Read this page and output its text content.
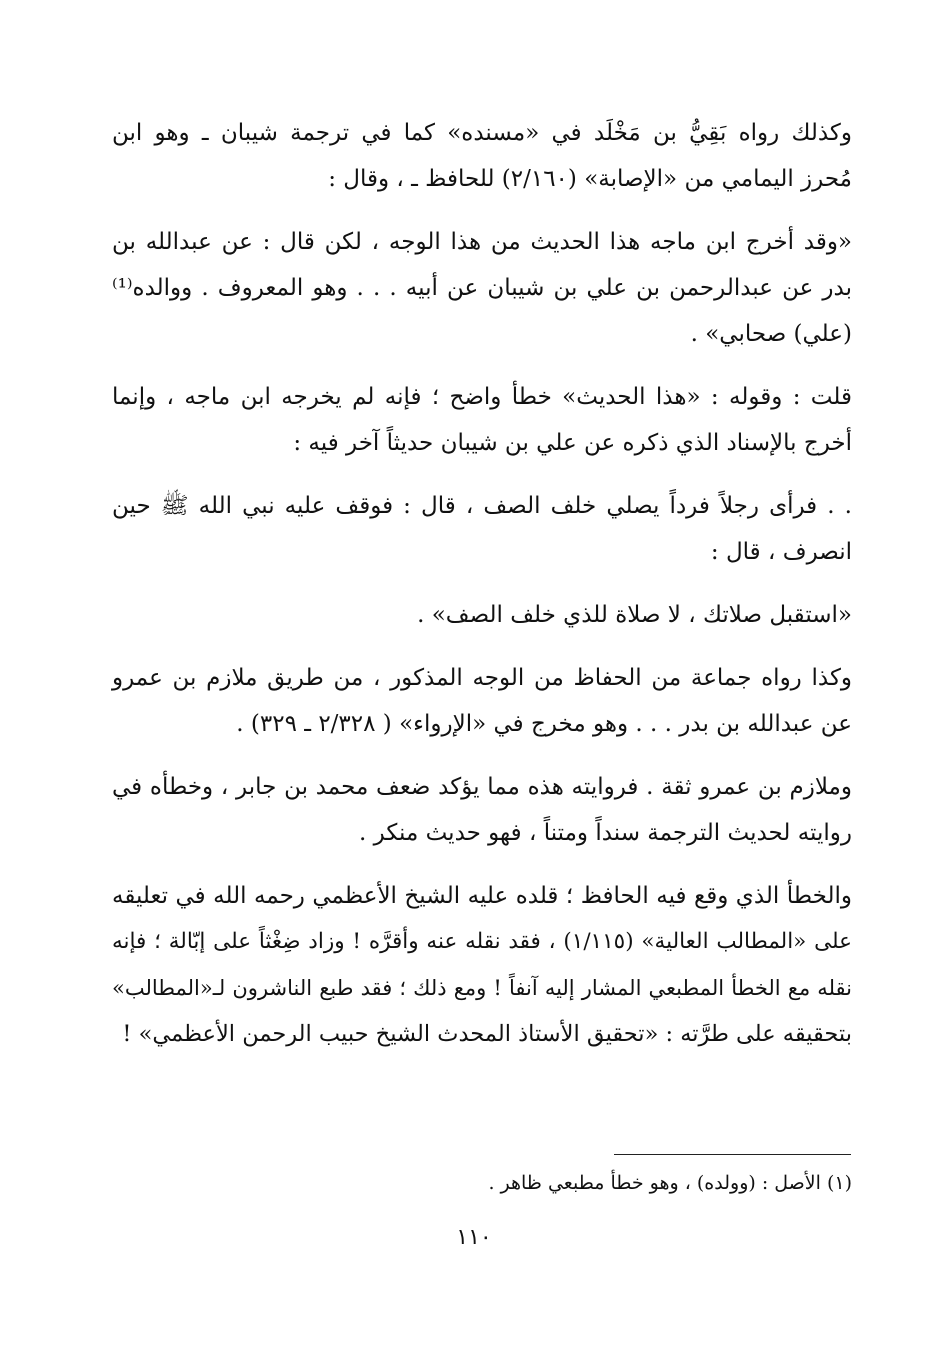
وكذلك رواه بَقِيُّ بن مَخْلَد في «مسنده» كما في ترجمة شيبان ـ وهو ابن
مُحرز اليمامي من «الإصابة» (٢/١٦٠) للحافظ ـ ، وقال :

«وقد أخرج ابن ماجه هذا الحديث من هذا الوجه ، لكن قال : عن عبدالله بن
بدر عن عبدالرحمن بن علي بن شيبان عن أبيه . . . وهو المعروف . ووالده⁽¹⁾
(علي) صحابي» .

قلت : وقوله : «هذا الحديث» خطأ واضح ؛ فإنه لم يخرجه ابن ماجه ، وإنما
أخرج بالإسناد الذي ذكره عن علي بن شيبان حديثاً آخر فيه :

. . فرأى رجلاً فرداً يصلي خلف الصف ، قال : فوقف عليه نبي الله ﷺ حين
انصرف ، قال :

«استقبل صلاتك ، لا صلاة للذي خلف الصف» .

وكذا رواه جماعة من الحفاظ من الوجه المذكور ، من طريق ملازم بن عمرو
عن عبدالله بن بدر . . . وهو مخرج في «الإرواء» ( ٢/٣٢٨ ـ ٣٢٩) .

وملازم بن عمرو ثقة . فروايته هذه مما يؤكد ضعف محمد بن جابر ، وخطأه في
روايته لحديث الترجمة سنداً ومتناً ، فهو حديث منكر .

والخطأ الذي وقع فيه الحافظ ؛ قلده عليه الشيخ الأعظمي رحمه الله في تعليقه
على «المطالب العالية» (١/١١٥) ، فقد نقله عنه وأقرَّه ! وزاد ضِغْثاً على إبّالة ؛ فإنه
نقله مع الخطأ المطبعي المشار إليه آنفاً ! ومع ذلك ؛ فقد طبع الناشرون لـ«المطالب»
بتحقيقه على طرَّته : «تحقيق الأستاذ المحدث الشيخ حبيب الرحمن الأعظمي» !

(١) الأصل : (وولده) ، وهو خطأ مطبعي ظاهر .
١١٠
